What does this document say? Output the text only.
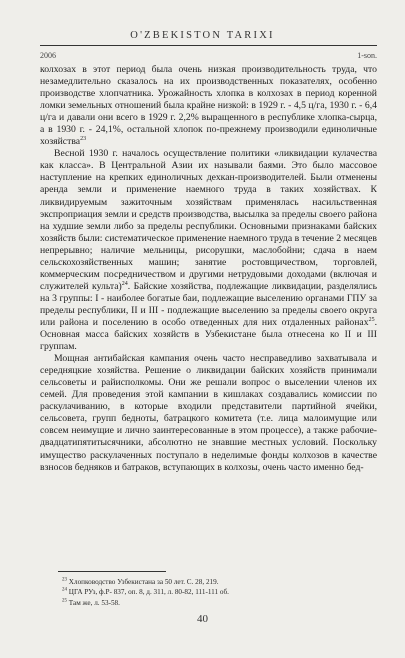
O'ZBEKISTON TARIXI
2006	1-son.

колхозах в этот период была очень низкая производительность труда, что незамедлительно сказалось на их производственных показателях, особенно производстве хлопчатника. Урожайность хлопка в колхозах в период коренной ломки земельных отношений была крайне низкой: в 1929 г. - 4,5 ц/га, 1930 г. - 6,4 ц/га и давали они всего в 1929 г. 2,2% выращенного в республике хлопка-сырца, а в 1930 г. - 24,1%, остальной хлопок по-прежнему производили единоличные хозяйства$^{23}$

Весной 1930 г. началось осуществление политики «ликвидации кулачества как класса». В Центральной Азии их называли баями. Это было массовое наступление на крепких единоличных дехкан-производителей. Были отменены аренда земли и применение наемного труда в таких хозяйствах. К ликвидируемым зажиточным хозяйствам применялась насильственная экспроприация земли и средств производства, высылка за пределы своего района на худшие земли либо за пределы республики. Основными признаками байских хозяйств были: систематическое применение наемного труда в течение 2 месяцев непрерывно; наличие мельницы, рисорушки, маслобойни; сдача в наем сельскохозяйственных машин; занятие ростовщичеством, торговлей, коммерческим посредничеством и другими нетрудовыми доходами (включая и служителей культа)$^{24}$. Байские хозяйства, подлежащие ликвидации, разделялись на 3 группы: I - наиболее богатые баи, подлежащие выселению органами ГПУ за пределы республики, II и III - подлежащие выселению за пределы своего округа или района и поселению в особо отведенных для них отдаленных районах$^{25}$. Основная масса байских хозяйств в Узбекистане была отнесена ко II и III группам.

Мощная антибайская кампания очень часто несправедливо захватывала и середняцкие хозяйства. Решение о ликвидации байских хозяйств принимали сельсоветы и райисполкомы. Они же решали вопрос о выселении членов их семей. Для проведения этой кампании в кишлаках создавались комиссии по раскулачиванию, в которые входили представители партийной ячейки, сельсовета, групп бедноты, батрацкого комитета (т.е. лица малоимущие или совсем неимущие и лично заинтересованные в этом процессе), а также рабочие-двадцатипятитысячники, абсолютно не знавшие местных условий. Поскольку имущество раскулаченных поступало в неделимые фонды колхозов в качестве взносов бедняков и батраков, вступающих в колхозы, очень часто именно бед-

$^{23}$ Хлопководство Узбекистана за 50 лет. С. 28, 219.
$^{24}$ ЦГА РУз, ф.Р- 837, оп. 8, д. 311, л. 80-82, 111-111 об.
$^{25}$ Там же, л. 53-58.
40
